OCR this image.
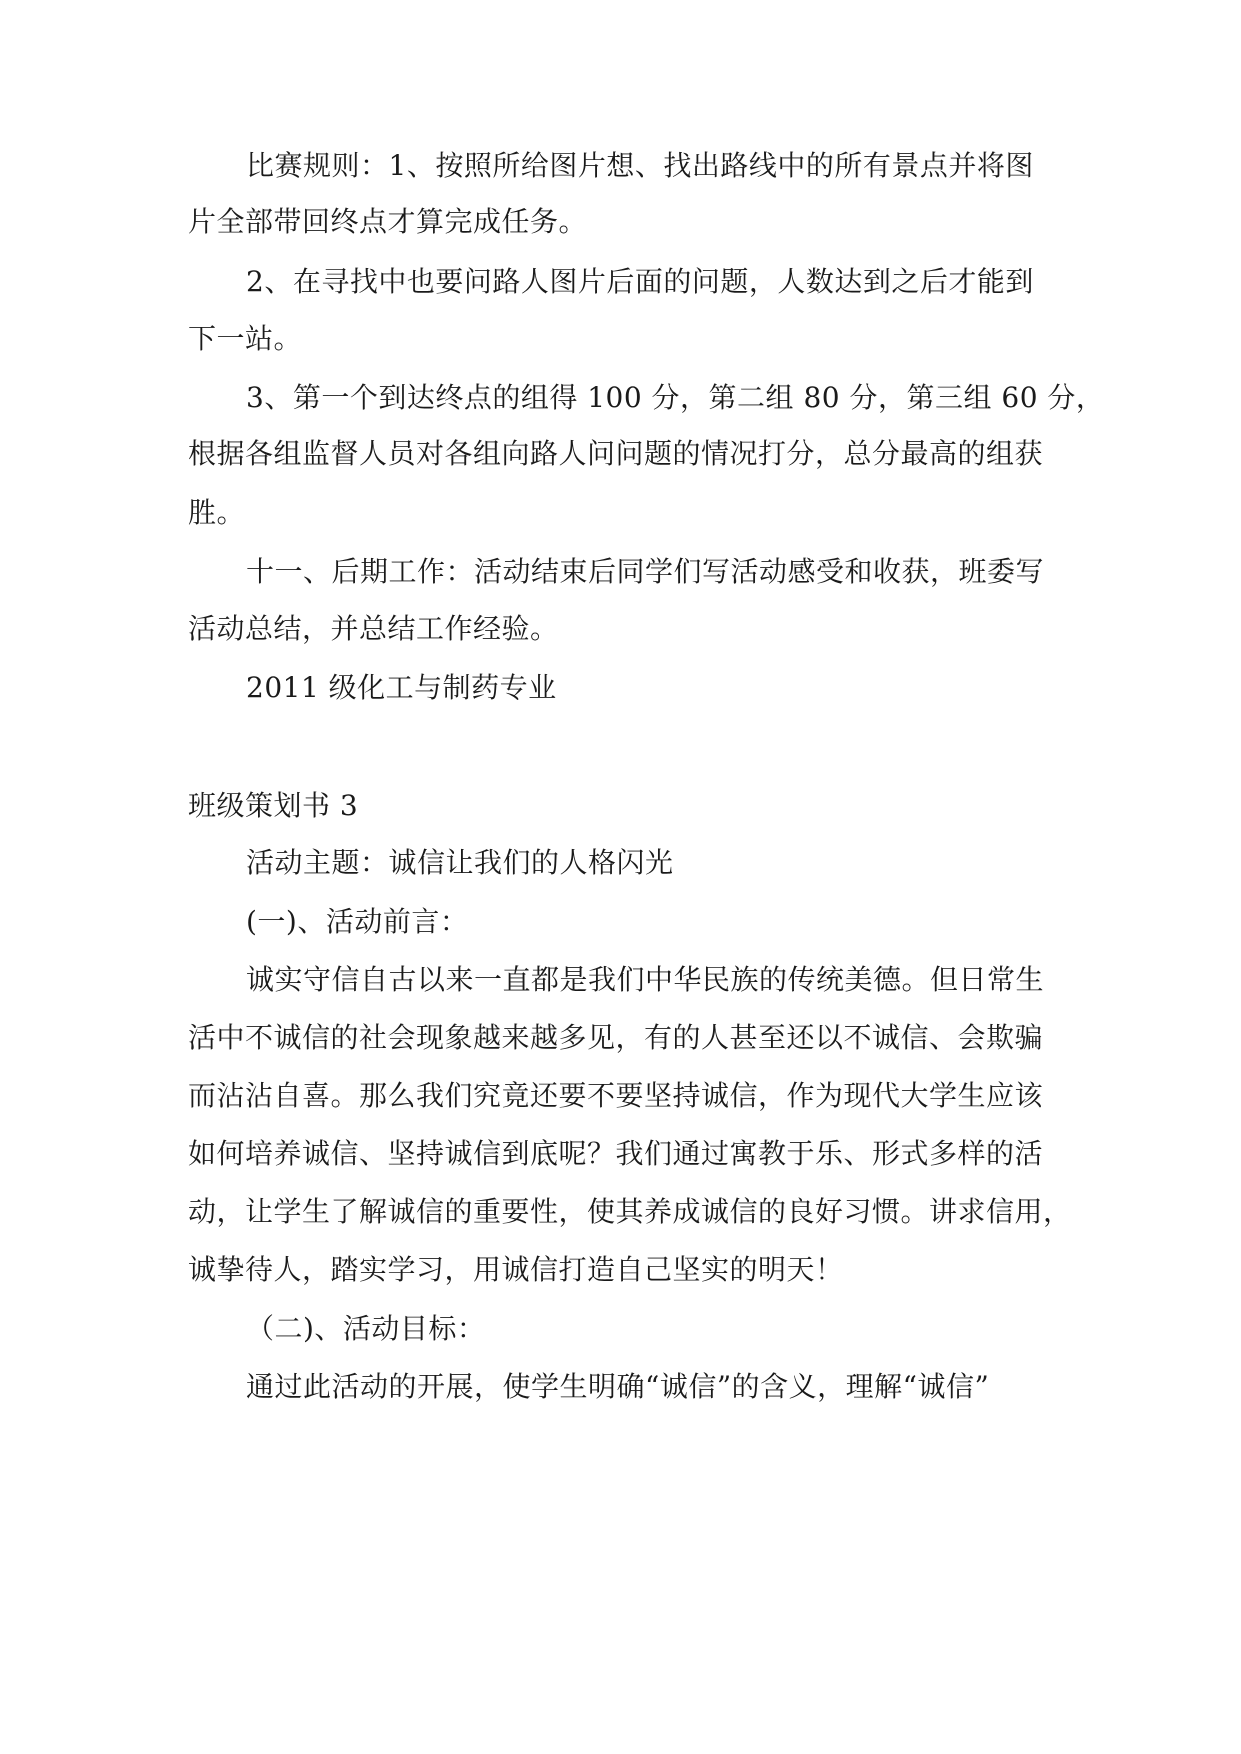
比赛规则：1、按照所给图片想、找出路线中的所有景点并将图
片全部带回终点才算完成任务。
2、在寻找中也要问路人图片后面的问题，人数达到之后才能到
下一站。
3、第一个到达终点的组得 100 分，第二组 80 分，第三组 60 分，
根据各组监督人员对各组向路人问问题的情况打分，总分最高的组获
胜。
十一、后期工作：活动结束后同学们写活动感受和收获，班委写
活动总结，并总结工作经验。
2011 级化工与制药专业
班级策划书 3
活动主题：诚信让我们的人格闪光
(一)、活动前言：
诚实守信自古以来一直都是我们中华民族的传统美德。但日常生
活中不诚信的社会现象越来越多见，有的人甚至还以不诚信、会欺骗
而沾沾自喜。那么我们究竟还要不要坚持诚信，作为现代大学生应该
如何培养诚信、坚持诚信到底呢？我们通过寓教于乐、形式多样的活
动，让学生了解诚信的重要性，使其养成诚信的良好习惯。讲求信用，
诚挚待人，踏实学习，用诚信打造自己坚实的明天！
（二)、活动目标：
通过此活动的开展，使学生明确“诚信”的含义，理解“诚信”
